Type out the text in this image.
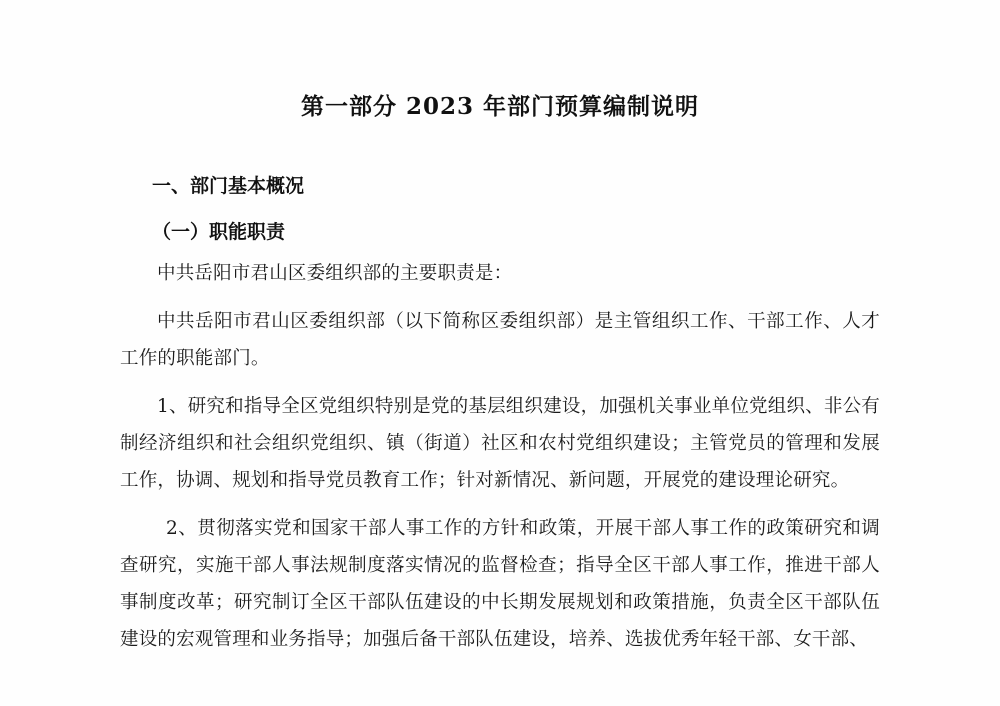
第一部分 2023 年部门预算编制说明
一、部门基本概况
（一）职能职责

中共岳阳市君山区委组织部的主要职责是：

中共岳阳市君山区委组织部（以下简称区委组织部）是主管组织工作、干部工作、人才工作的职能部门。

1、研究和指导全区党组织特别是党的基层组织建设，加强机关事业单位党组织、非公有制经济组织和社会组织党组织、镇（街道）社区和农村党组织建设；主管党员的管理和发展工作，协调、规划和指导党员教育工作；针对新情况、新问题，开展党的建设理论研究。

2、贯彻落实党和国家干部人事工作的方针和政策，开展干部人事工作的政策研究和调查研究，实施干部人事法规制度落实情况的监督检查；指导全区干部人事工作，推进干部人事制度改革；研究制订全区干部队伍建设的中长期发展规划和政策措施，负责全区干部队伍建设的宏观管理和业务指导；加强后备干部队伍建设，培养、选拔优秀年轻干部、女干部、
